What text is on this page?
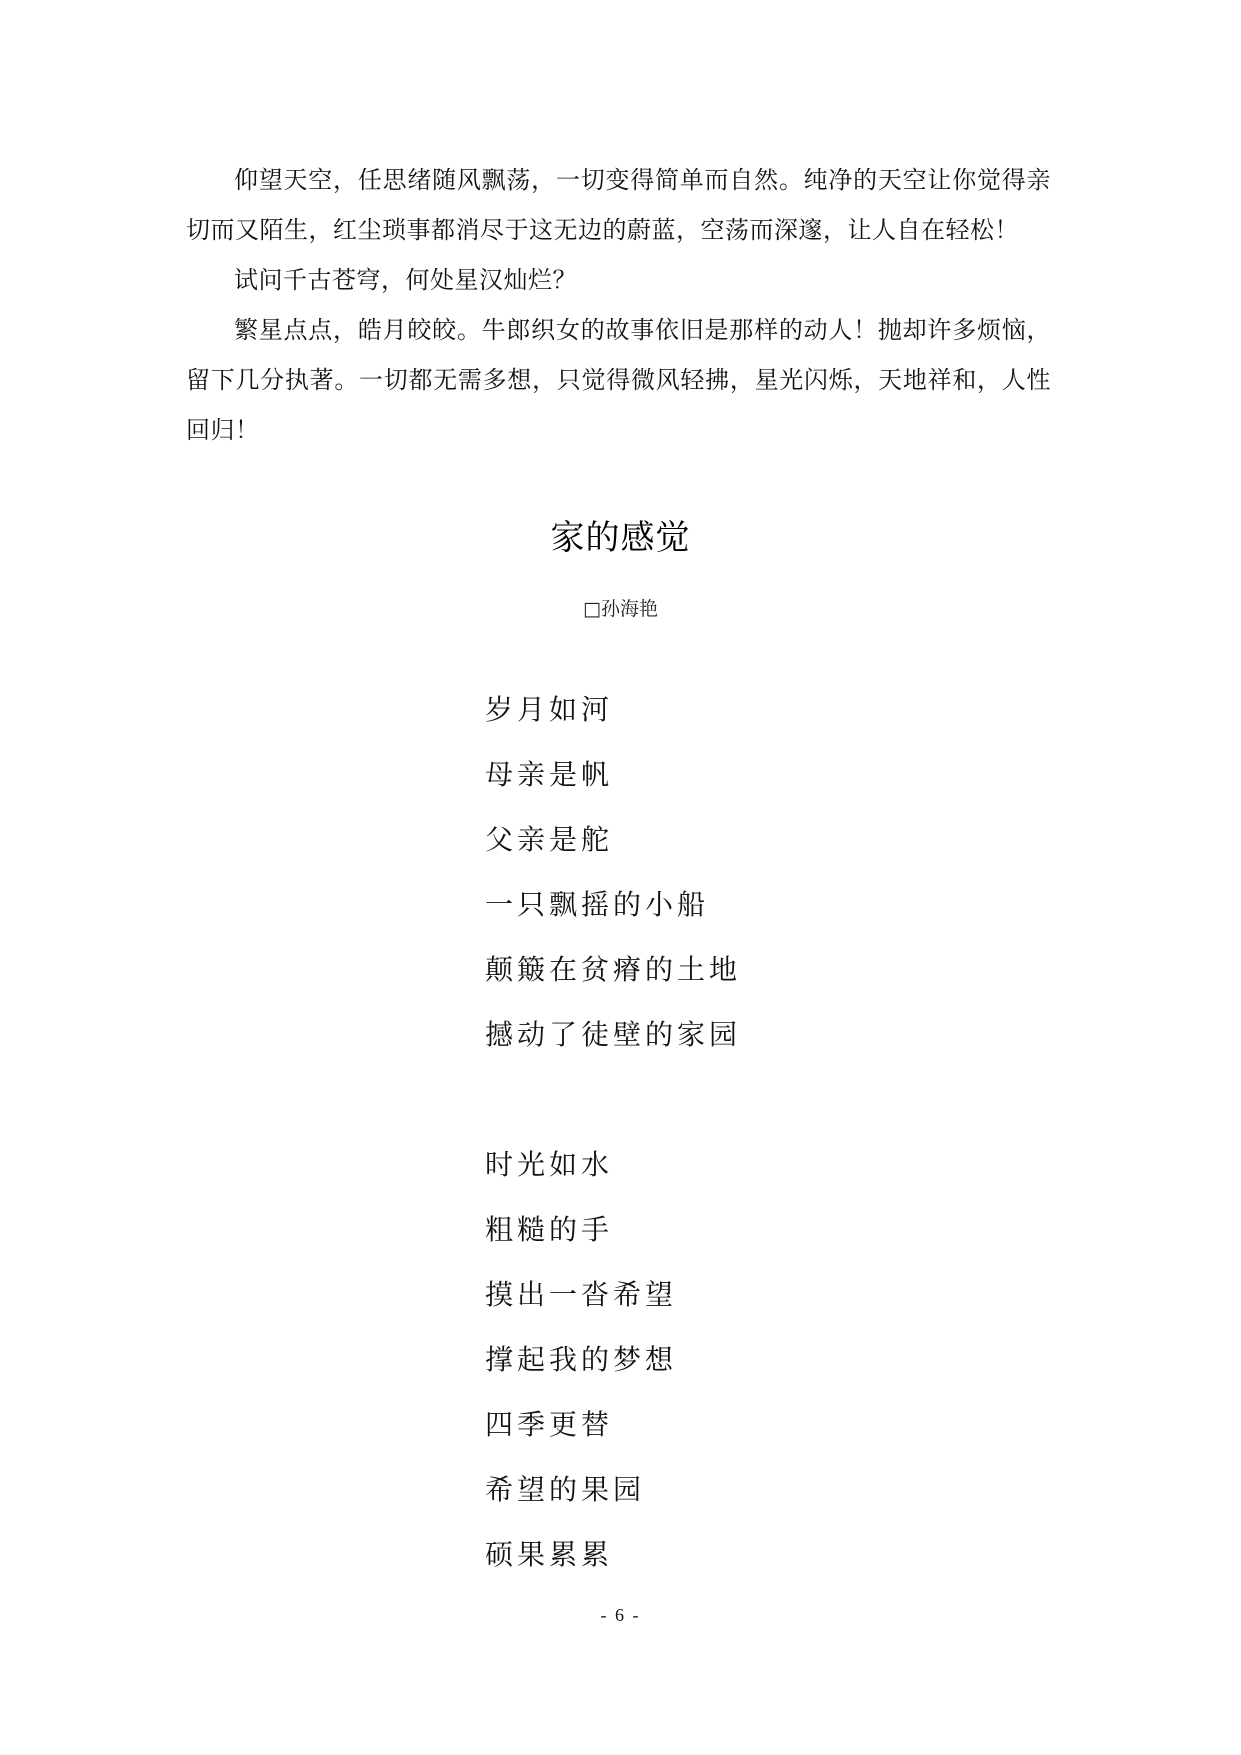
仰望天空，任思绪随风飘荡，一切变得简单而自然。纯净的天空让你觉得亲切而又陌生，红尘琐事都消尽于这无边的蔚蓝，空荡而深邃，让人自在轻松！

试问千古苍穹，何处星汉灿烂？

繁星点点，皓月皎皎。牛郎织女的故事依旧是那样的动人！抛却许多烦恼，留下几分执著。一切都无需多想，只觉得微风轻拂，星光闪烁，天地祥和，人性回归！

家的感觉
□孙海艳
岁月如河
母亲是帆
父亲是舵
一只飘摇的小船
颠簸在贫瘠的土地
撼动了徒壁的家园
时光如水
粗糙的手
摸出一沓希望
撑起我的梦想
四季更替
希望的果园
硕果累累
- 6 -
